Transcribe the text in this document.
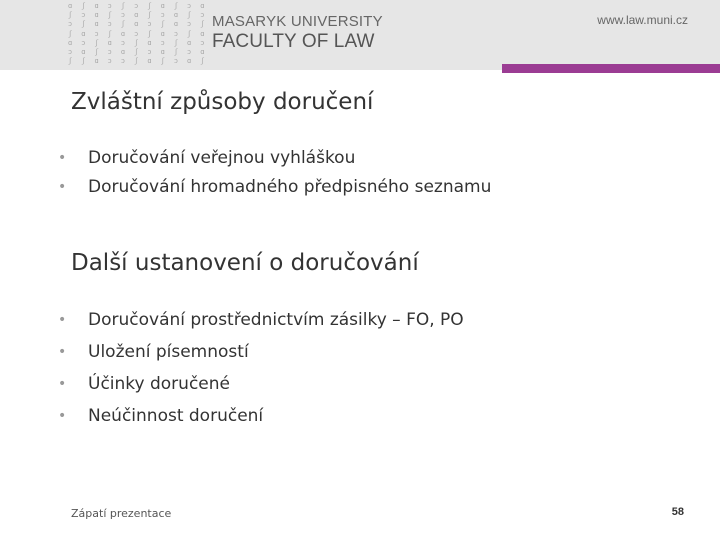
ɑ ʃ ɑ ɔ ʃ ɔ ʃ ɑ ʃ ɔ ɑ
ʃ ɔ ɑ ʃ ɔ ɑ ʃ ɔ ɑ ʃ ɔ
ɔ ʃ ɑ ɔ ʃ ɑ ɔ ʃ ɑ ɔ ʃ
ʃ ɑ ɔ ʃ ɑ ɔ ʃ ɑ ɔ ʃ ɑ
ɑ ɔ ʃ ɑ ɔ ʃ ɑ ɔ ʃ ɑ ɔ
ɔ ɑ ʃ ɔ ɑ ʃ ɔ ɑ ʃ ɔ ɑ
ʃ ʃ ɑ ɔ ɔ ʃ ɑ ʃ ɔ ɑ ʃ
MASARYK UNIVERSITY
FACULTY OF LAW
www.law.muni.cz
Zvláštní způsoby doručení
• Doručování veřejnou vyhláškou
• Doručování hromadného předpisného seznamu
Další ustanovení o doručování
• Doručování prostřednictvím zásilky – FO, PO
• Uložení písemností
• Účinky doručené
• Neúčinnost doručení
Zápatí prezentace	58
